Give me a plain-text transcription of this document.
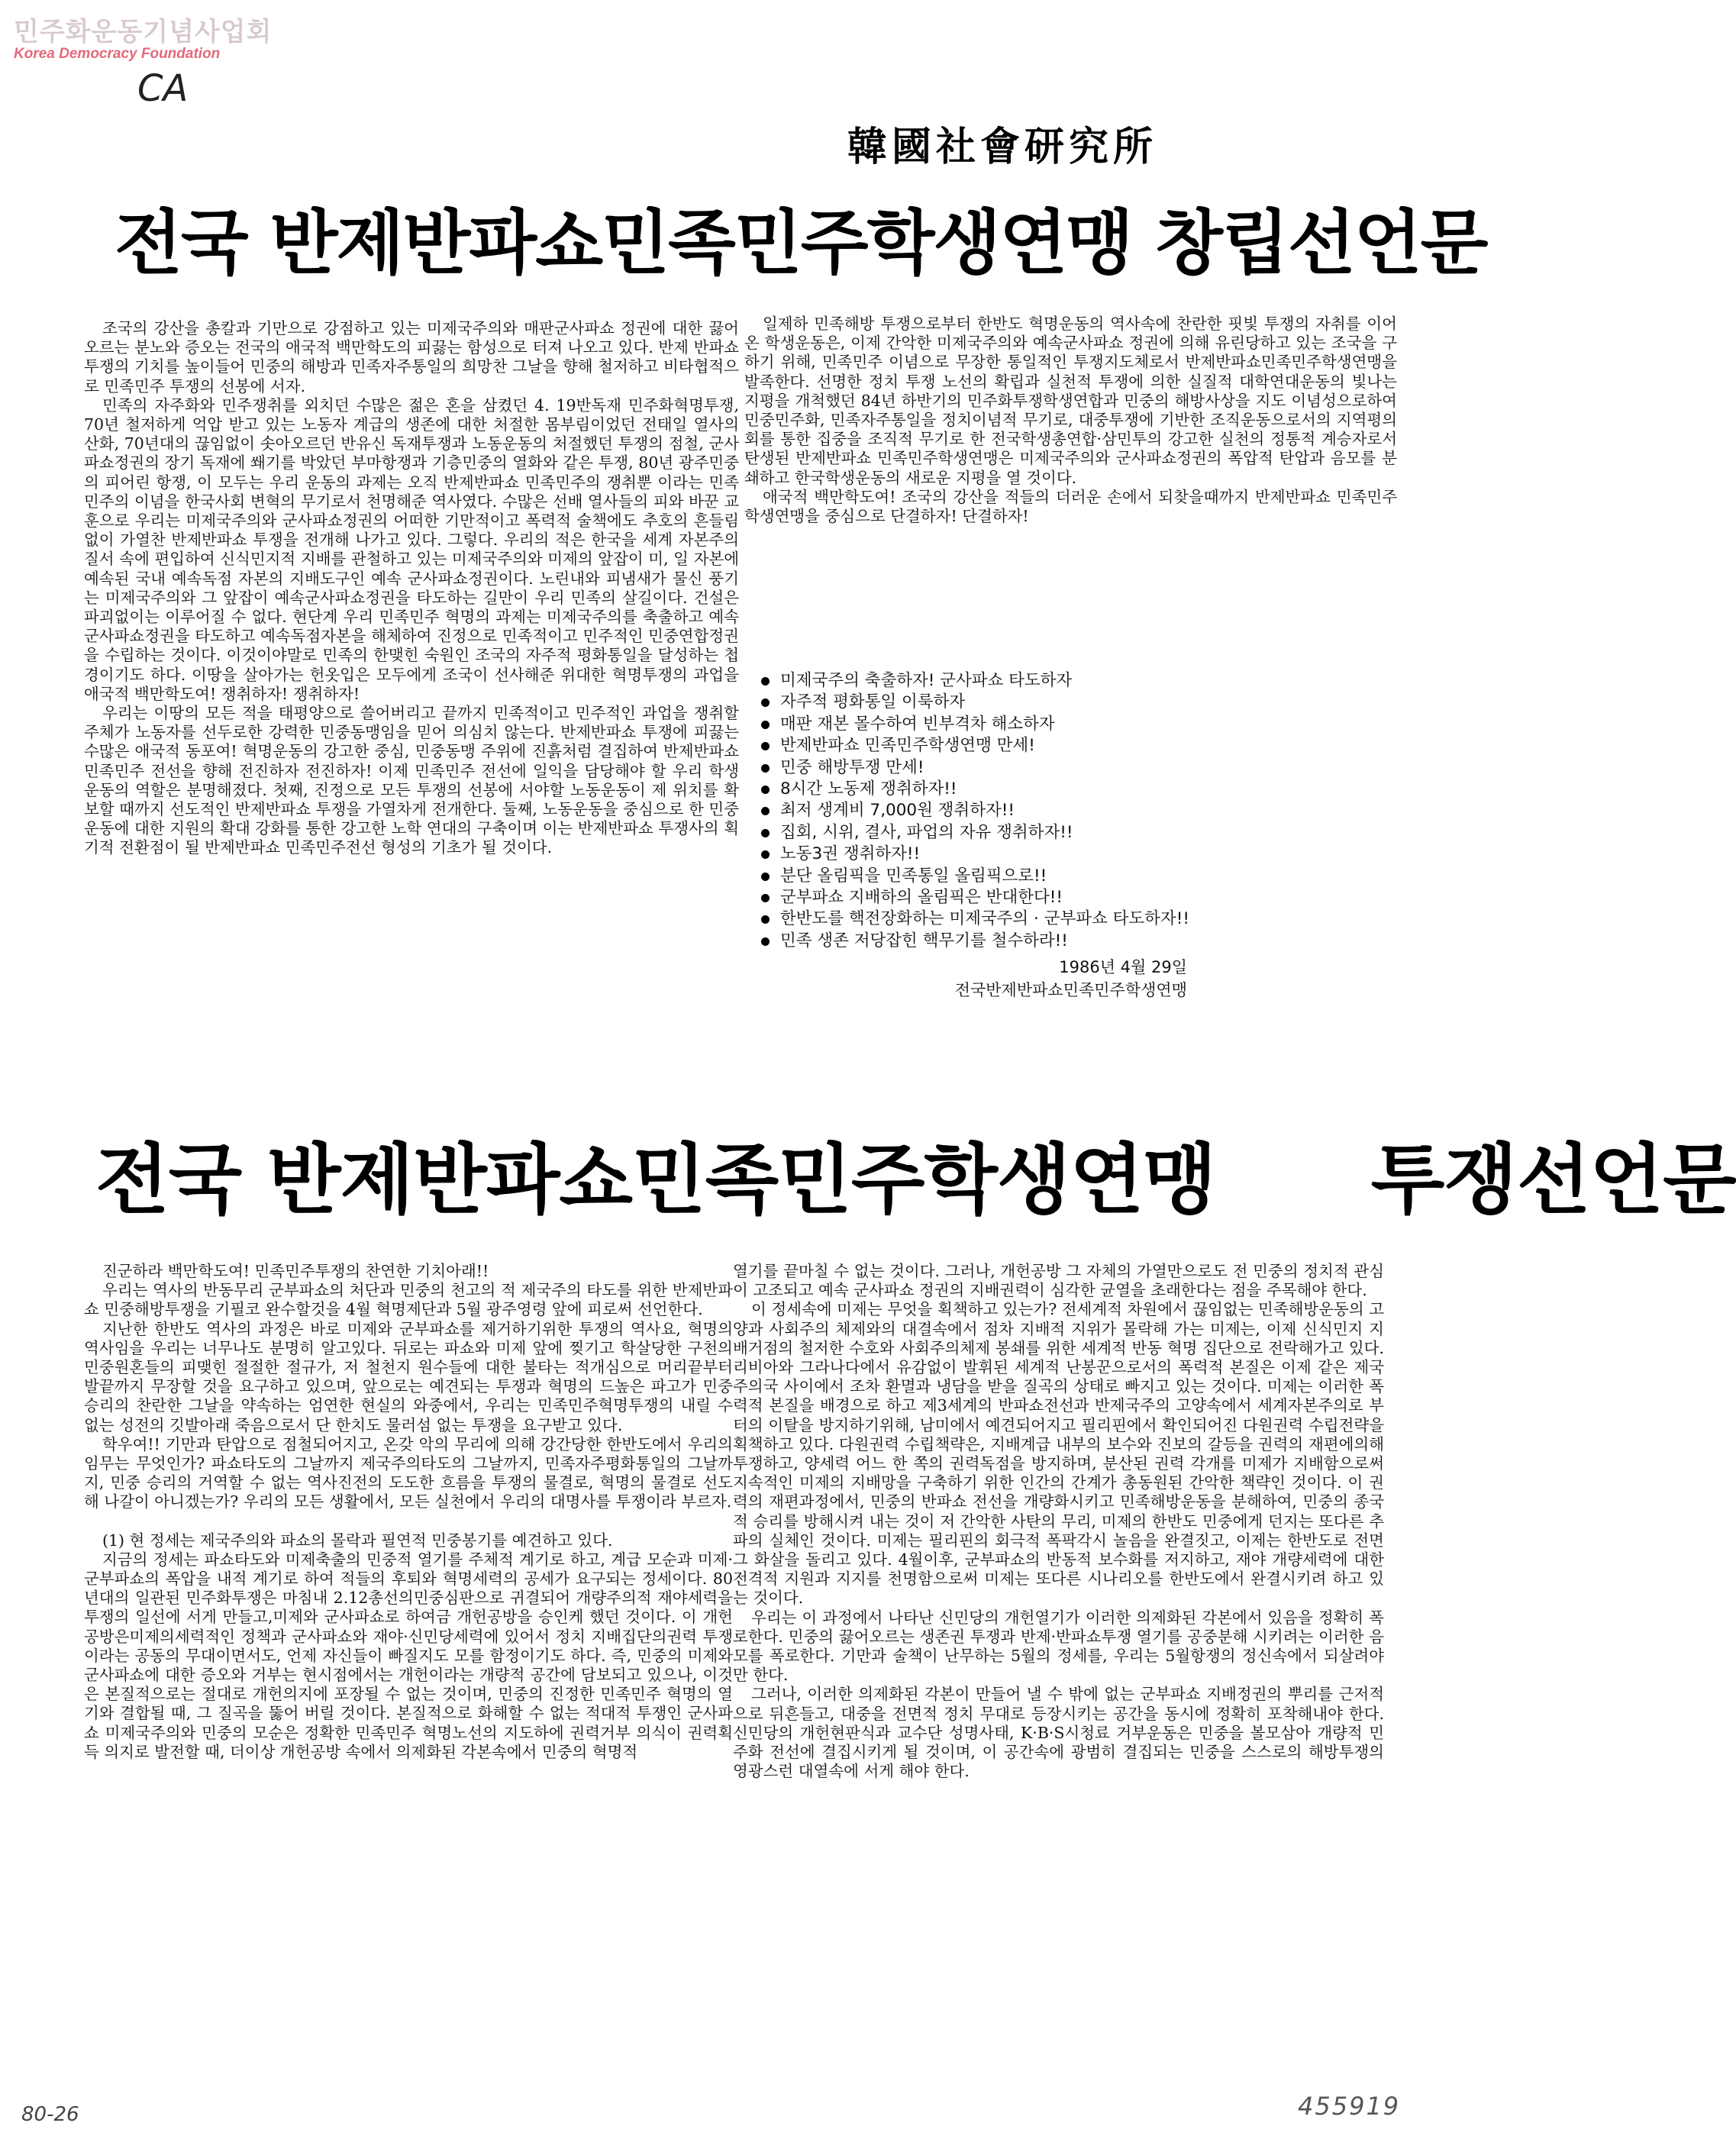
민주화운동기념사업회
Korea Democracy Foundation
CA
韓國社會研究所
전국 반제반파쇼민족민주학생연맹 창립선언문

조국의 강산을 총칼과 기만으로 강점하고 있는 미제국주의와 매판군사파쇼 정권에 대한 끓어오르는 분노와 증오는 전국의 애국적 백만학도의 피끓는 함성으로 터져 나오고 있다. 반제 반파쇼 투쟁의 기치를 높이들어 민중의 해방과 민족자주통일의 희망찬 그날을 향해 철저하고 비타협적으로 민족민주 투쟁의 선봉에 서자.

민족의 자주화와 민주쟁취를 외치던 수많은 젊은 혼을 삼켰던 4. 19반독재 민주화혁명투쟁, 70년 철저하게 억압 받고 있는 노동자 계급의 생존에 대한 처절한 몸부림이었던 전태일 열사의 산화, 70년대의 끊임없이 솟아오르던 반유신 독재투쟁과 노동운동의 처절했던 투쟁의 점철, 군사파쇼정권의 장기 독재에 쐐기를 박았던 부마항쟁과 기층민중의 열화와 같은 투쟁, 80년 광주민중의 피어린 항쟁, 이 모두는 우리 운동의 과제는 오직 반제반파쇼 민족민주의 쟁취뿐 이라는 민족민주의 이념을 한국사회 변혁의 무기로서 천명해준 역사였다. 수많은 선배 열사들의 피와 바꾼 교훈으로 우리는 미제국주의와 군사파쇼정권의 어떠한 기만적이고 폭력적 술책에도 추호의 흔들림없이 가열찬 반제반파쇼 투쟁을 전개해 나가고 있다. 그렇다. 우리의 적은 한국을 세계 자본주의 질서 속에 편입하여 신식민지적 지배를 관철하고 있는 미제국주의와 미제의 앞잡이 미, 일 자본에 예속된 국내 예속독점 자본의 지배도구인 예속 군사파쇼정권이다. 노린내와 피냄새가 물신 풍기는 미제국주의와 그 앞잡이 예속군사파쇼정권을 타도하는 길만이 우리 민족의 살길이다. 건설은 파괴없이는 이루어질 수 없다. 현단계 우리 민족민주 혁명의 과제는 미제국주의를 축출하고 예속군사파쇼정권을 타도하고 예속독점자본을 해체하여 진정으로 민족적이고 민주적인 민중연합정권을 수립하는 것이다. 이것이야말로 민족의 한맺힌 숙원인 조국의 자주적 평화통일을 달성하는 첩경이기도 하다. 이땅을 살아가는 헌옷입은 모두에게 조국이 선사해준 위대한 혁명투쟁의 과업을 애국적 백만학도여! 쟁취하자! 쟁취하자!

우리는 이땅의 모든 적을 태평양으로 쓸어버리고 끝까지 민족적이고 민주적인 과업을 쟁취할 주체가 노동자를 선두로한 강력한 민중동맹임을 믿어 의심치 않는다. 반제반파쇼 투쟁에 피끓는 수많은 애국적 동포여! 혁명운동의 강고한 중심, 민중동맹 주위에 진흙처럼 결집하여 반제반파쇼 민족민주 전선을 향해 전진하자 전진하자! 이제 민족민주 전선에 일익을 담당해야 할 우리 학생 운동의 역할은 분명해졌다. 첫째, 진정으로 모든 투쟁의 선봉에 서야할 노동운동이 제 위치를 확보할 때까지 선도적인 반제반파쇼 투쟁을 가열차게 전개한다. 둘째, 노동운동을 중심으로 한 민중운동에 대한 지원의 확대 강화를 통한 강고한 노학 연대의 구축이며 이는 반제반파쇼 투쟁사의 획기적 전환점이 될 반제반파쇼 민족민주전선 형성의 기초가 될 것이다.

일제하 민족해방 투쟁으로부터 한반도 혁명운동의 역사속에 찬란한 핏빛 투쟁의 자취를 이어온 학생운동은, 이제 간악한 미제국주의와 예속군사파쇼 정권에 의해 유린당하고 있는 조국을 구하기 위해, 민족민주 이념으로 무장한 통일적인 투쟁지도체로서 반제반파쇼민족민주학생연맹을 발족한다. 선명한 정치 투쟁 노선의 확립과 실천적 투쟁에 의한 실질적 대학연대운동의 빛나는 지평을 개척했던 84년 하반기의 민주화투쟁학생연합과 민중의 해방사상을 지도 이념성으로하여 민중민주화, 민족자주통일을 정치이념적 무기로, 대중투쟁에 기반한 조직운동으로서의 지역평의회를 통한 집중을 조직적 무기로 한 전국학생총연합·삼민투의 강고한 실천의 정통적 계승자로서 탄생된 반제반파쇼 민족민주학생연맹은 미제국주의와 군사파쇼정권의 폭압적 탄압과 음모를 분쇄하고 한국학생운동의 새로운 지평을 열 것이다.

애국적 백만학도여! 조국의 강산을 적들의 더러운 손에서 되찾을때까지 반제반파쇼 민족민주학생연맹을 중심으로 단결하자! 단결하자!

미제국주의 축출하자! 군사파쇼 타도하자
자주적 평화통일 이룩하자
매판 재본 몰수하여 빈부격차 해소하자
반제반파쇼 민족민주학생연맹 만세!
민중 해방투쟁 만세!
8시간 노동제 쟁취하자!!
최저 생계비 7,000원 쟁취하자!!
집회, 시위, 결사, 파업의 자유 쟁취하자!!
노동3권 쟁취하자!!
분단 올림픽을 민족통일 올림픽으로!!
군부파쇼 지배하의 올림픽은 반대한다!!
한반도를 핵전장화하는 미제국주의 · 군부파쇼 타도하자!!
민족 생존 저당잡힌 핵무기를 철수하라!!
1986년 4월 29일
전국반제반파쇼민족민주학생연맹
전국 반제반파쇼민족민주학생연맹      투쟁선언문

진군하라 백만학도여! 민족민주투쟁의 찬연한 기치아래!!

우리는 역사의 반동무리 군부파쇼의 처단과 민중의 천고의 적 제국주의 타도를 위한 반제반파쇼 민중해방투쟁을 기필코 완수할것을 4월 혁명제단과 5월 광주영령 앞에 피로써 선언한다.

지난한 한반도 역사의 과정은 바로 미제와 군부파쇼를 제거하기위한 투쟁의 역사요, 혁명의 역사임을 우리는 너무나도 분명히 알고있다. 뒤로는 파쇼와 미제 앞에 찢기고 학살당한 구천의 민중원혼들의 피맺힌 절절한 절규가, 저 철천지 원수들에 대한 불타는 적개심으로 머리끝부터 발끝까지 무장할 것을 요구하고 있으며, 앞으로는 예견되는 투쟁과 혁명의 드높은 파고가 민중승리의 찬란한 그날을 약속하는 엄연한 현실의 와중에서, 우리는 민족민주혁명투쟁의 내릴 수 없는 성전의 깃발아래 죽음으로서 단 한치도 물러섬 없는 투쟁을 요구받고 있다.

학우여!! 기만과 탄압으로 점철되어지고, 온갖 악의 무리에 의해 강간당한 한반도에서 우리의 임무는 무엇인가? 파쇼타도의 그날까지 제국주의타도의 그날까지, 민족자주평화통일의 그날까지, 민중 승리의 거역할 수 없는 역사진전의 도도한 흐름을 투쟁의 물결로, 혁명의 물결로 선도해 나갈이 아니겠는가? 우리의 모든 생활에서, 모든 실천에서 우리의 대명사를 투쟁이라 부르자.

(1) 현 정세는 제국주의와 파쇼의 몰락과 필연적 민중봉기를 예견하고 있다.

지금의 정세는 파쇼타도와 미제축출의 민중적 열기를 주체적 계기로 하고, 계급 모순과 미제·군부파쇼의 폭압을 내적 계기로 하여 적들의 후퇴와 혁명세력의 공세가 요구되는 정세이다. 80년대의 일관된 민주화투쟁은 마침내 2.12총선의민중심판으로 귀결되어 개량주의적 재야세력을 투쟁의 일선에 서게 만들고,미제와 군사파쇼로 하여금 개헌공방을 승인케 했던 것이다. 이 개헌 공방은미제의세력적인 정책과 군사파쇼와 재야·신민당세력에 있어서 정치 지배집단의권력 투쟁이라는 공동의 무대이면서도, 언제 자신들이 빠질지도 모를 함정이기도 하다. 즉, 민중의 미제와 군사파쇼에 대한 증오와 거부는 현시점에서는 개헌이라는 개량적 공간에 담보되고 있으나, 이것은 본질적으로는 절대로 개헌의지에 포장될 수 없는 것이며, 민중의 진정한 민족민주 혁명의 열기와 결합될 때, 그 질곡을 뚫어 버릴 것이다. 본질적으로 화해할 수 없는 적대적 투쟁인 군사파쇼 미제국주의와 민중의 모순은 정확한 민족민주 혁명노선의 지도하에 권력거부 의식이 권력획득 의지로 발전할 때, 더이상 개헌공방 속에서 의제화된 각본속에서 민중의 혁명적

열기를 끝마칠 수 없는 것이다. 그러나, 개헌공방 그 자체의 가열만으로도 전 민중의 정치적 관심이 고조되고 예속 군사파쇼 정권의 지배권력이 심각한 균열을 초래한다는 점을 주목해야 한다.

이 정세속에 미제는 무엇을 획책하고 있는가? 전세계적 차원에서 끊임없는 민족해방운동의 고양과 사회주의 체제와의 대결속에서 점차 지배적 지위가 몰락해 가는 미제는, 이제 신식민지 지배거점의 철저한 수호와 사회주의체제 봉쇄를 위한 세계적 반동 혁명 집단으로 전락해가고 있다. 리비아와 그라나다에서 유감없이 발휘된 세계적 난봉꾼으로서의 폭력적 본질은 이제 같은 제국주의국 사이에서 조차 환멸과 냉담을 받을 질곡의 상태로 빠지고 있는 것이다. 미제는 이러한 폭력적 본질을 배경으로 하고 제3세계의 반파쇼전선과 반제국주의 고양속에서 세계자본주의로 부터의 이탈을 방지하기위해, 남미에서 예견되어지고 필리핀에서 확인되어진 다원권력 수립전략을 획책하고 있다. 다원권력 수립책략은, 지배계급 내부의 보수와 진보의 갈등을 권력의 재편에의해 투쟁하고, 양세력 어느 한 쪽의 권력독점을 방지하며, 분산된 권력 각개를 미제가 지배함으로써 지속적인 미제의 지배망을 구축하기 위한 인간의 간계가 총동원된 간악한 책략인 것이다. 이 권력의 재편과정에서, 민중의 반파쇼 전선을 개량화시키고 민족해방운동을 분해하여, 민중의 종국적 승리를 방해시켜 내는 것이 저 간악한 사탄의 무리, 미제의 한반도 민중에게 던지는 또다른 추파의 실체인 것이다. 미제는 필리핀의 회극적 폭팍각시 놀음을 완결짓고, 이제는 한반도로 전면 그 화살을 돌리고 있다. 4월이후, 군부파쇼의 반동적 보수화를 저지하고, 재야 개량세력에 대한 전격적 지원과 지지를 천명함으로써 미제는 또다른 시나리오를 한반도에서 완결시키려 하고 있는 것이다.

우리는 이 과정에서 나타난 신민당의 개헌열기가 이러한 의제화된 각본에서 있음을 정확히 폭로한다. 민중의 끓어오르는 생존권 투쟁과 반제·반파쇼투쟁 열기를 공중분해 시키려는 이러한 음모를 폭로한다. 기만과 술책이 난무하는 5월의 정세를, 우리는 5월항쟁의 정신속에서 되살려야만 한다.

그러나, 이러한 의제화된 각본이 만들어 낼 수 밖에 없는 군부파쇼 지배정권의 뿌리를 근저적으로 뒤흔들고, 대중을 전면적 정치 무대로 등장시키는 공간을 동시에 정확히 포착해내야 한다. 신민당의 개헌현판식과 교수단 성명사태, K·B·S시청료 거부운동은 민중을 볼모삼아 개량적 민주화 전선에 결집시키게 될 것이며, 이 공간속에 광범히 결집되는 민중을 스스로의 해방투쟁의 영광스런 대열속에 서게 해야 한다.

80-26	455919
